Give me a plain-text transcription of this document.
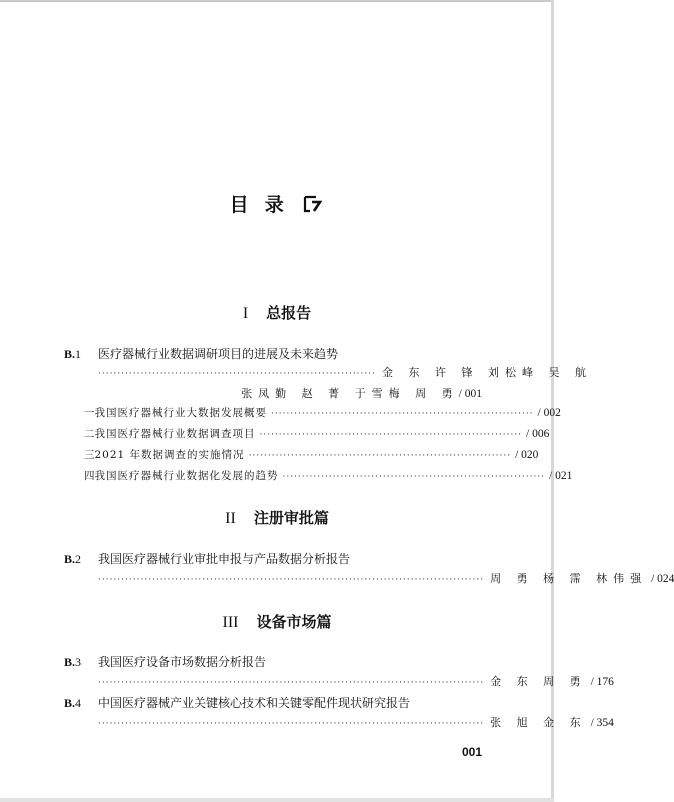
目 录
I 总报告
B.1 医疗器械行业数据调研项目的进展及未来趋势
········································································ 金 东 许 锋 刘松峰 吴 航
张凤勤 赵 菁 于雪梅 周 勇/ 001
一 我国医疗器械行业大数据发展概要 ···································································· / 002
二 我国医疗器械行业数据调查项目 ···································································· / 006
三 2021 年数据调查的实施情况 ···································································· / 020
四 我国医疗器械行业数据化发展的趋势 ···································································· / 021
II 注册审批篇
B.2 我国医疗器械行业审批申报与产品数据分析报告
···································································································· 周 勇 杨 霈 林伟强 / 024
III 设备市场篇
B.3 我国医疗设备市场数据分析报告
···································································································· 金 东 周 勇 / 176
B.4 中国医疗器械产业关键核心技术和关键零配件现状研究报告
···································································································· 张 旭 金 东 / 354
001
